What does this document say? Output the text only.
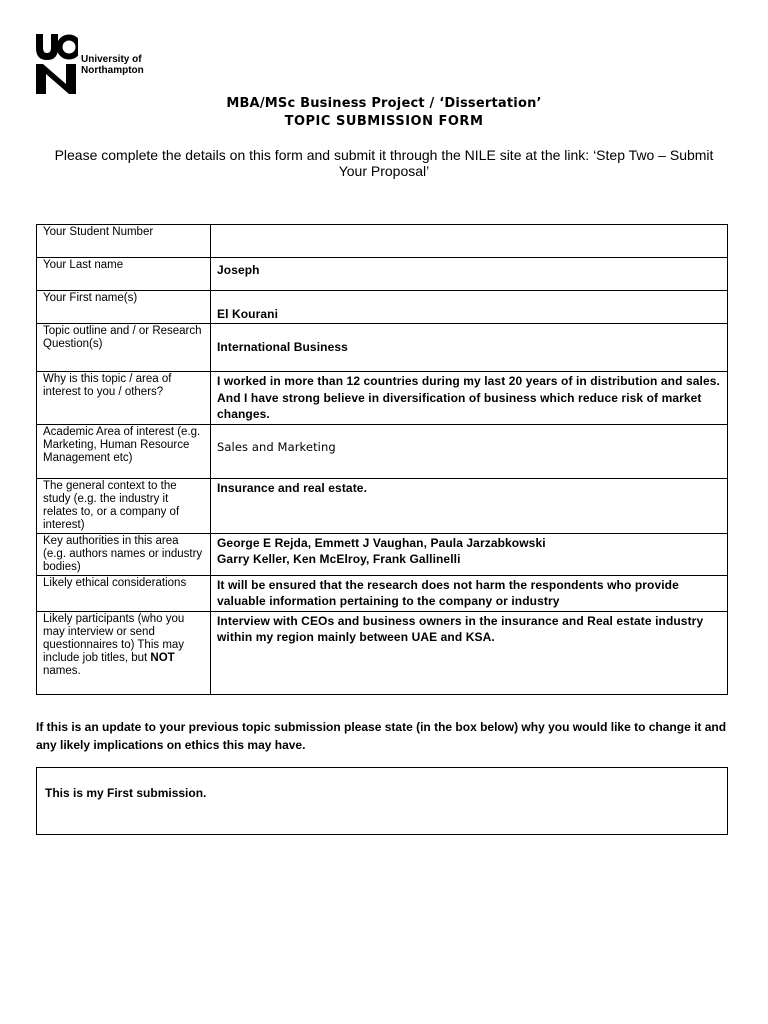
University of
Northampton
MBA/MSc Business Project / ‘Dissertation’
TOPIC SUBMISSION FORM
Please complete the details on this form and submit it through the NILE site at the link: ‘Step Two – Submit
Your Proposal’
Your Student Number	
Your Last name	Joseph
Your First name(s)	El Kourani
Topic outline and / or Research Question(s)	International Business
Why is this topic / area of interest to you / others?	I worked in more than 12 countries during my last 20 years of in distribution and sales. And I have strong believe in diversification of business which reduce risk of market changes.
Academic Area of interest (e.g. Marketing, Human Resource Management etc)	Sales and Marketing
The general context to the study (e.g. the industry it relates to, or a company of interest)	Insurance and real estate.
Key authorities in this area (e.g. authors names or industry bodies)	George E Rejda, Emmett J Vaughan, Paula Jarzabkowski
Garry Keller, Ken McElroy, Frank Gallinelli

Likely ethical considerations	It will be ensured that the research does not harm the respondents who provide valuable information pertaining to the company or industry
Likely participants (who you may interview or send questionnaires to) This may include job titles, but NOT names.	Interview with CEOs and business owners in the insurance and Real estate industry within my region mainly between UAE and KSA.
If this is an update to your previous topic submission please state (in the box below) why you would like to change it and any likely implications on ethics this may have.
This is my First submission.
